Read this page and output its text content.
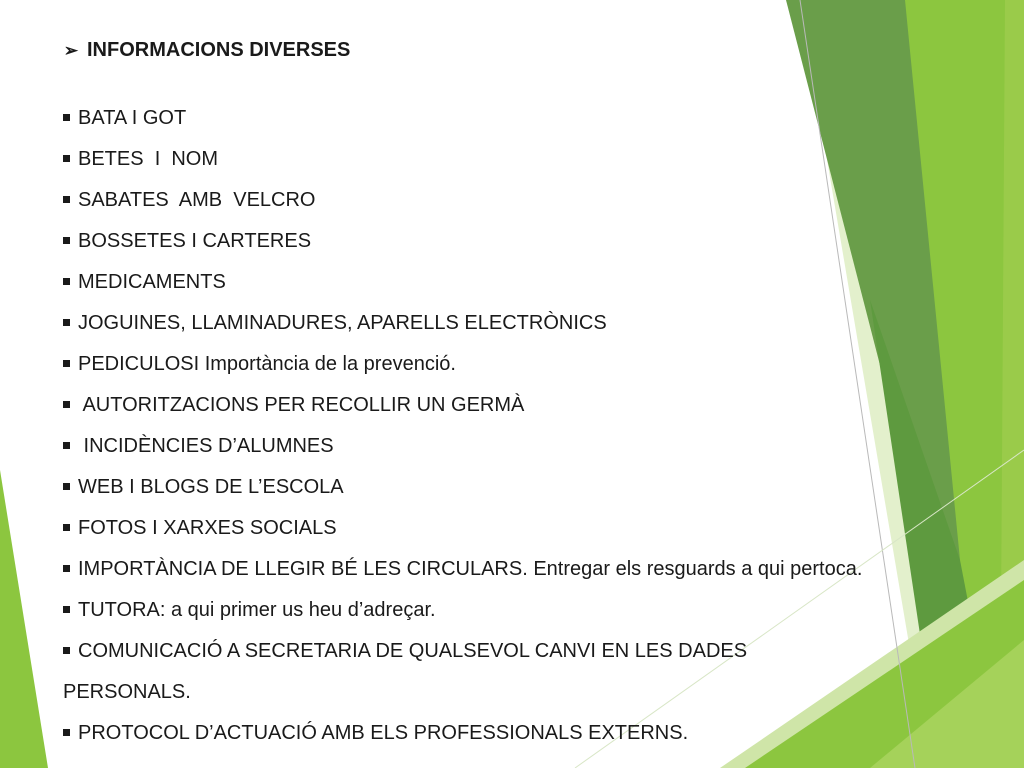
➢ INFORMACIONS DIVERSES
BATA I GOT
BETES  I  NOM
SABATES  AMB  VELCRO
BOSSETES I CARTERES
MEDICAMENTS
JOGUINES, LLAMINADURES, APARELLS ELECTRÒNICS
PEDICULOSI Importància de la prevenció.
AUTORITZACIONS PER RECOLLIR UN GERMÀ
INCIDÈNCIES D’ALUMNES
WEB I BLOGS DE L’ESCOLA
FOTOS I XARXES SOCIALS
IMPORTÀNCIA DE LLEGIR BÉ LES CIRCULARS. Entregar els resguards a qui pertoca.
TUTORA: a qui primer us heu d’adreçar.
COMUNICACIÓ A SECRETARIA DE QUALSEVOL CANVI EN LES DADES PERSONALS.
PROTOCOL D’ACTUACIÓ AMB ELS PROFESSIONALS EXTERNS.
